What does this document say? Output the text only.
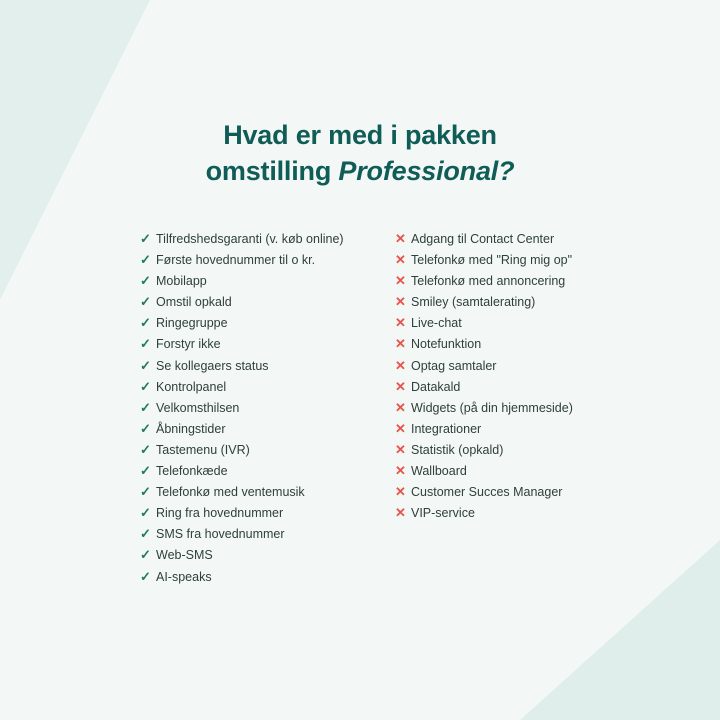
Hvad er med i pakken
omstilling Professional?
✓ Tilfredshedsgaranti (v. køb online)
✓ Første hovednummer til o kr.
✓ Mobilapp
✓ Omstil opkald
✓ Ringegruppe
✓ Forstyr ikke
✓ Se kollegaers status
✓ Kontrolpanel
✓ Velkomsthilsen
✓ Åbningstider
✓ Tastemenu (IVR)
✓ Telefonkæde
✓ Telefonkø med ventemusik
✓ Ring fra hovednummer
✓ SMS fra hovednummer
✓ Web-SMS
✓ AI-speaks
✕ Adgang til Contact Center
✕ Telefonkø med "Ring mig op"
✕ Telefonkø med annoncering
✕ Smiley (samtalerating)
✕ Live-chat
✕ Notefunktion
✕ Optag samtaler
✕ Datakald
✕ Widgets (på din hjemmeside)
✕ Integrationer
✕ Statistik (opkald)
✕ Wallboard
✕ Customer Succes Manager
✕ VIP-service
